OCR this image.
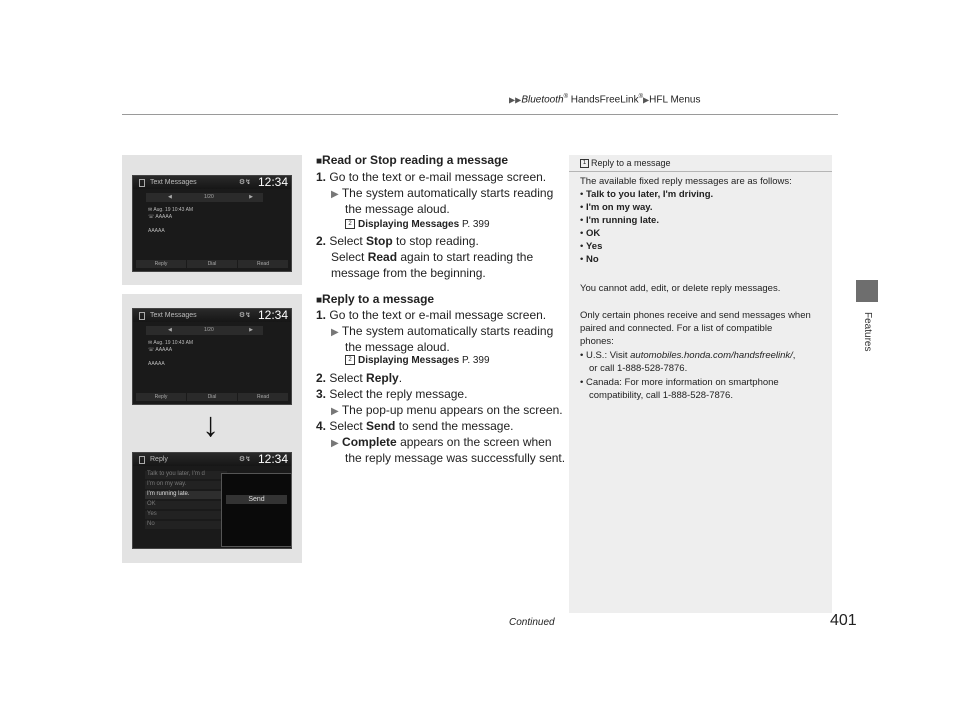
▶▶Bluetooth® HandsFreeLink®▶HFL Menus
Features
Text Messages	⚙↯ 12:34
◀	1/20	▶
✉ Aug. 19 10:43 AM
☏ AAAAA
AAAAA
Reply	Dial	Read
Text Messages	⚙↯ 12:34
◀	1/20	▶
✉ Aug. 19 10:43 AM
☏ AAAAA
AAAAA
Reply	Dial	Read
↓
Reply	⚙↯ 12:34
Talk to you later, I'm d
I'm on my way.
I'm running late.
OK
Yes
No
Send
■Read or Stop reading a message
1. Go to the text or e-mail message screen.
▶ The system automatically starts reading
the message aloud.
2 Displaying Messages P. 399
2. Select Stop to stop reading.
Select Read again to start reading the
message from the beginning.
■Reply to a message
1. Go to the text or e-mail message screen.
▶ The system automatically starts reading
the message aloud.
2 Displaying Messages P. 399
2. Select Reply.
3. Select the reply message.
▶ The pop-up menu appears on the screen.
4. Select Send to send the message.
▶ Complete appears on the screen when
the reply message was successfully sent.
1 Reply to a message
The available fixed reply messages are as follows:
• Talk to you later, I'm driving.
• I'm on my way.
• I'm running late.
• OK
• Yes
• No
You cannot add, edit, or delete reply messages.
Only certain phones receive and send messages when
paired and connected. For a list of compatible
phones:
• U.S.: Visit automobiles.honda.com/handsfreelink/,
or call 1-888-528-7876.
• Canada: For more information on smartphone
compatibility, call 1-888-528-7876.
Continued	401
